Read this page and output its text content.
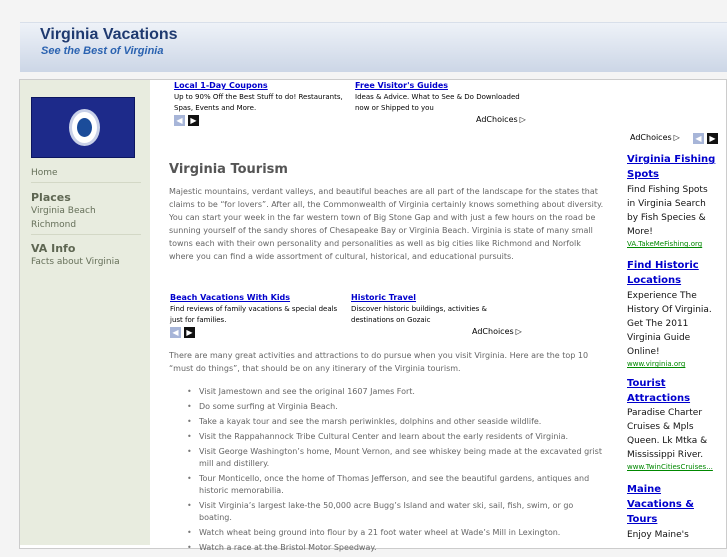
Virginia Vacations
See the Best of Virginia
Home
Places
Virginia Beach
Richmond
VA Info
Facts about Virginia
Local 1-Day Coupons
Up to 90% Off the Best Stuff to do! Restaurants, Spas, Events and More.
Free Visitor's Guides
Ideas & Advice. What to See & Do Downloaded now or Shipped to you
◀ ▶	AdChoices ▷
Virginia Tourism
Majestic mountains, verdant valleys, and beautiful beaches are all part of the landscape for the states that claims to be “for lovers”. After all, the Commonwealth of Virginia certainly knows something about diversity. You can start your week in the far western town of Big Stone Gap and with just a few hours on the road be sunning yourself of the sandy shores of Chesapeake Bay or Virginia Beach. Virginia is state of many small towns each with their own personality and personalities as well as big cities like Richmond and Norfolk where you can find a wide assortment of cultural, historical, and educational pursuits.
Beach Vacations With Kids
Find reviews of family vacations & special deals just for families.
Historic Travel
Discover historic buildings, activities & destinations on Gozaic
◀ ▶	AdChoices ▷
There are many great activities and attractions to do pursue when you visit Virginia. Here are the top 10 “must do things”, that should be on any itinerary of the Virginia tourism.
• Visit Jamestown and see the original 1607 James Fort.
• Do some surfing at Virginia Beach.
• Take a kayak tour and see the marsh periwinkles, dolphins and other seaside wildlife.
• Visit the Rappahannock Tribe Cultural Center and learn about the early residents of Virginia.
• Visit George Washington’s home, Mount Vernon, and see whiskey being made at the excavated grist mill and distillery.
• Tour Monticello, once the home of Thomas Jefferson, and see the beautiful gardens, antiques and historic memorabilia.
• Visit Virginia’s largest lake-the 50,000 acre Bugg’s Island and water ski, sail, fish, swim, or go boating.
• Watch wheat being ground into flour by a 21 foot water wheel at Wade’s Mill in Lexington.
• Watch a race at the Bristol Motor Speedway.
AdChoices ▷	◀ ▶
Virginia Fishing
Spots
Find Fishing Spots
in Virginia Search
by Fish Species &
More!
VA.TakeMeFishing.org
Find Historic
Locations
Experience The
History Of Virginia.
Get The 2011
Virginia Guide
Online!
www.virginia.org
Tourist
Attractions
Paradise Charter
Cruises & Mpls
Queen. Lk Mtka &
Mississippi River.
www.TwinCitiesCruises...
Maine
Vacations &
Tours
Enjoy Maine's
